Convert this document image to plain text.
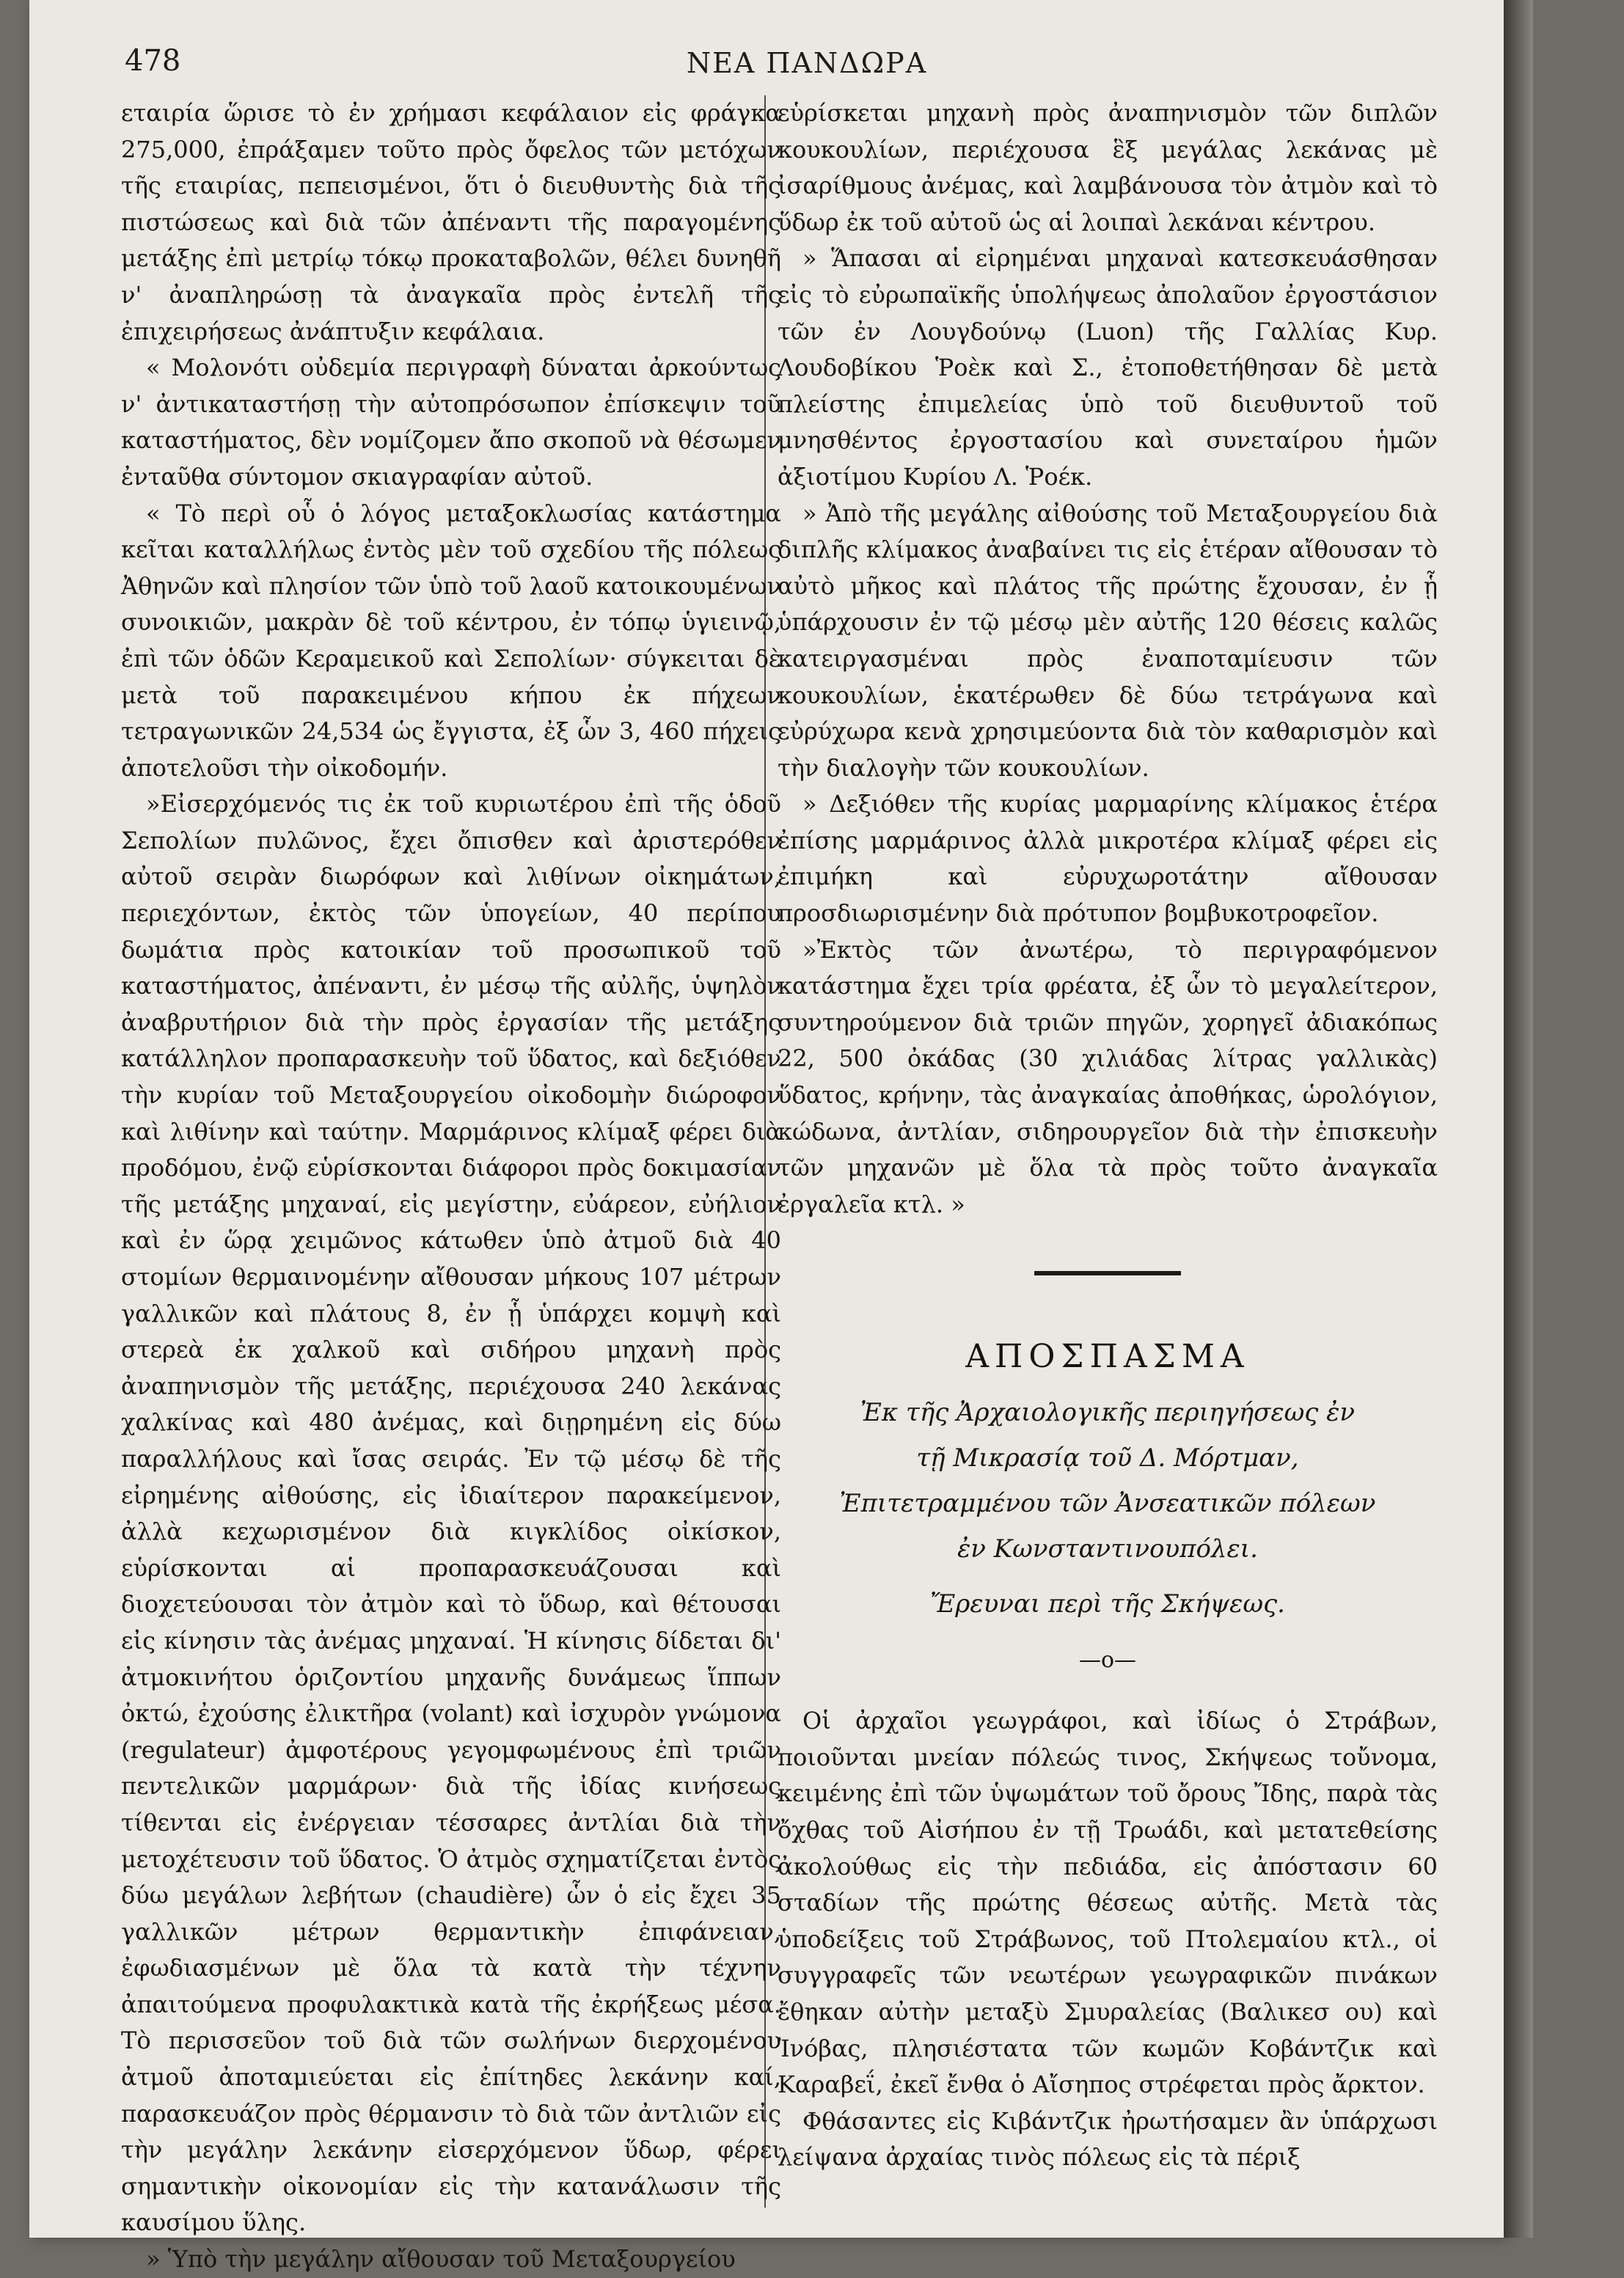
478	ΝΕΑ ΠΑΝΔΩΡΑ

εταιρία ὥρισε τὸ ἐν χρήμασι κεφάλαιον εἰς φράγκα 275,000, ἐπράξαμεν τοῦτο πρὸς ὄφελος τῶν μετόχων τῆς εταιρίας, πεπεισμένοι, ὅτι ὁ διευθυντὴς διὰ τῆς πιστώσεως καὶ διὰ τῶν ἀπέναντι τῆς παραγομένης μετάξης ἐπὶ μετρίῳ τόκῳ προκαταβολῶν, θέλει δυνηθῆ ν' ἀναπληρώσῃ τὰ ἀναγκαῖα πρὸς ἐντελῆ τῆς ἐπιχειρήσεως ἀνάπτυξιν κεφάλαια.

« Μολονότι οὐδεμία περιγραφὴ δύναται ἀρκούντως ν' ἀντικαταστήσῃ τὴν αὐτοπρόσωπον ἐπίσκεψιν τοῦ καταστήματος, δὲν νομίζομεν ἄπο σκοποῦ νὰ θέσωμεν ἐνταῦθα σύντομον σκιαγραφίαν αὐτοῦ.

« Τὸ περὶ οὗ ὁ λόγος μεταξοκλωσίας κατάστημα κεῖται καταλλήλως ἐντὸς μὲν τοῦ σχεδίου τῆς πόλεως Ἀθηνῶν καὶ πλησίον τῶν ὑπὸ τοῦ λαοῦ κατοικουμένων συνοικιῶν, μακρὰν δὲ τοῦ κέντρου, ἐν τόπῳ ὑγιεινῷ, ἐπὶ τῶν ὁδῶν Κεραμεικοῦ καὶ Σεπολίων· σύγκειται δὲ μετὰ τοῦ παρακειμένου κήπου ἐκ πήχεων τετραγωνικῶν 24,534 ὡς ἔγγιστα, ἐξ ὧν 3, 460 πήχεις ἀποτελοῦσι τὴν οἰκοδομήν.

»Εἰσερχόμενός τις ἐκ τοῦ κυριωτέρου ἐπὶ τῆς ὁδοῦ Σεπολίων πυλῶνος, ἔχει ὄπισθεν καὶ ἀριστερόθεν αὐτοῦ σειρὰν διωρόφων καὶ λιθίνων οἰκημάτων, περιεχόντων, ἐκτὸς τῶν ὑπογείων, 40 περίπου δωμάτια πρὸς κατοικίαν τοῦ προσωπικοῦ τοῦ καταστήματος, ἀπέναντι, ἐν μέσῳ τῆς αὐλῆς, ὑψηλὸν ἀναβρυτήριον διὰ τὴν πρὸς ἐργασίαν τῆς μετάξης κατάλληλον προπαρασκευὴν τοῦ ὕδατος, καὶ δεξιόθεν τὴν κυρίαν τοῦ Μεταξουργείου οἰκοδομὴν διώροφον καὶ λιθίνην καὶ ταύτην. Μαρμάρινος κλίμαξ φέρει διὰ προδόμου, ἐνῷ εὑρίσκονται διάφοροι πρὸς δοκιμασίαν τῆς μετάξης μηχαναί, εἰς μεγίστην, εὐάρεον, εὐήλιον καὶ ἐν ὥρᾳ χειμῶνος κάτωθεν ὑπὸ ἀτμοῦ διὰ 40 στομίων θερμαινομένην αἴθουσαν μήκους 107 μέτρων γαλλικῶν καὶ πλάτους 8, ἐν ᾗ ὑπάρχει κομψὴ καὶ στερεὰ ἐκ χαλκοῦ καὶ σιδήρου μηχανὴ πρὸς ἀναπηνισμὸν τῆς μετάξης, περιέχουσα 240 λεκάνας χαλκίνας καὶ 480 ἀνέμας, καὶ διῃρημένη εἰς δύω παραλλήλους καὶ ἴσας σειράς. Ἐν τῷ μέσῳ δὲ τῆς εἰρημένης αἰθούσης, εἰς ἰδιαίτερον παρακείμενον, ἀλλὰ κεχωρισμένον διὰ κιγκλίδος οἰκίσκον, εὑρίσκονται αἱ προπαρασκευάζουσαι καὶ διοχετεύουσαι τὸν ἀτμὸν καὶ τὸ ὕδωρ, καὶ θέτουσαι εἰς κίνησιν τὰς ἀνέμας μηχαναί. Ἡ κίνησις δίδεται δι' ἀτμοκινήτου ὁριζοντίου μηχανῆς δυνάμεως ἵππων ὀκτώ, ἐχούσης ἐλικτῆρα (volant) καὶ ἰσχυρὸν γνώμονα (regulateur) ἀμφοτέρους γεγομφωμένους ἐπὶ τριῶν πεντελικῶν μαρμάρων· διὰ τῆς ἰδίας κινήσεως τίθενται εἰς ἐνέργειαν τέσσαρες ἀντλίαι διὰ τὴν μετοχέτευσιν τοῦ ὕδατος. Ὁ ἀτμὸς σχηματίζεται ἐντὸς δύω μεγάλων λεβήτων (chaudière) ὧν ὁ εἰς ἔχει 35 γαλλικῶν μέτρων θερμαντικὴν ἐπιφάνειαν, ἐφωδιασμένων μὲ ὅλα τὰ κατὰ τὴν τέχνην ἀπαιτούμενα προφυλακτικὰ κατὰ τῆς ἐκρήξεως μέσα. Τὸ περισσεῦον τοῦ διὰ τῶν σωλήνων διερχομένου ἀτμοῦ ἀποταμιεύεται εἰς ἐπίτηδες λεκάνην καί, παρασκευάζον πρὸς θέρμανσιν τὸ διὰ τῶν ἀντλιῶν εἰς τὴν μεγάλην λεκάνην εἰσερχόμενον ὕδωρ, φέρει σημαντικὴν οἰκονομίαν εἰς τὴν κατανάλωσιν τῆς καυσίμου ὕλης.

» Ὑπὸ τὴν μεγάλην αἴθουσαν τοῦ Μεταξουργείου

εὑρίσκεται μηχανὴ πρὸς ἀναπηνισμὸν τῶν διπλῶν κουκουλίων, περιέχουσα ἓξ μεγάλας λεκάνας μὲ ἰσαρίθμους ἀνέμας, καὶ λαμβάνουσα τὸν ἀτμὸν καὶ τὸ ὕδωρ ἐκ τοῦ αὐτοῦ ὡς αἱ λοιπαὶ λεκάναι κέντρου.

» Ἅπασαι αἱ εἰρημέναι μηχαναὶ κατεσκευάσθησαν εἰς τὸ εὐρωπαϊκῆς ὑπολήψεως ἀπολαῦον ἐργοστάσιον τῶν ἐν Λουγδούνῳ (Luon) τῆς Γαλλίας Κυρ. Λουδοβίκου Ῥοὲκ καὶ Σ., ἐτοποθετήθησαν δὲ μετὰ πλείστης ἐπιμελείας ὑπὸ τοῦ διευθυντοῦ τοῦ μνησθέντος ἐργοστασίου καὶ συνεταίρου ἡμῶν ἀξιοτίμου Κυρίου Λ. Ῥοέκ.

» Ἀπὸ τῆς μεγάλης αἰθούσης τοῦ Μεταξουργείου διὰ διπλῆς κλίμακος ἀναβαίνει τις εἰς ἑτέραν αἴθουσαν τὸ αὐτὸ μῆκος καὶ πλάτος τῆς πρώτης ἔχουσαν, ἐν ᾗ ὑπάρχουσιν ἐν τῷ μέσῳ μὲν αὐτῆς 120 θέσεις καλῶς κατειργασμέναι πρὸς ἐναποταμίευσιν τῶν κουκουλίων, ἑκατέρωθεν δὲ δύω τετράγωνα καὶ εὐρύχωρα κενὰ χρησιμεύοντα διὰ τὸν καθαρισμὸν καὶ τὴν διαλογὴν τῶν κουκουλίων.

» Δεξιόθεν τῆς κυρίας μαρμαρίνης κλίμακος ἑτέρα ἐπίσης μαρμάρινος ἀλλὰ μικροτέρα κλίμαξ φέρει εἰς ἐπιμήκη καὶ εὐρυχωροτάτην αἴθουσαν προσδιωρισμένην διὰ πρότυπον βομβυκοτροφεῖον.

»Ἐκτὸς τῶν ἀνωτέρω, τὸ περιγραφόμενον κατάστημα ἔχει τρία φρέατα, ἐξ ὧν τὸ μεγαλείτερον, συντηρούμενον διὰ τριῶν πηγῶν, χορηγεῖ ἀδιακόπως 22, 500 ὀκάδας (30 χιλιάδας λίτρας γαλλικὰς) ὕδατος, κρήνην, τὰς ἀναγκαίας ἀποθήκας, ὡρολόγιον, κώδωνα, ἀντλίαν, σιδηρουργεῖον διὰ τὴν ἐπισκευὴν τῶν μηχανῶν μὲ ὅλα τὰ πρὸς τοῦτο ἀναγκαῖα ἐργαλεῖα κτλ. »

ΑΠΟΣΠΑΣΜΑ
Ἐκ τῆς Ἀρχαιολογικῆς περιηγήσεως ἐν
τῇ Μικρασίᾳ τοῦ Δ. Μόρτμαν,
Ἐπιτετραμμένου τῶν Ἀνσεατικῶν πόλεων
ἐν Κωνσταντινουπόλει.
Ἔρευναι περὶ τῆς Σκήψεως.
—o—

Οἱ ἀρχαῖοι γεωγράφοι, καὶ ἰδίως ὁ Στράβων, ποιοῦνται μνείαν πόλεώς τινος, Σκήψεως τοὔνομα, κειμένης ἐπὶ τῶν ὑψωμάτων τοῦ ὄρους Ἴδης, παρὰ τὰς ὄχθας τοῦ Αἰσήπου ἐν τῇ Τρωάδι, καὶ μετατεθείσης ἀκολούθως εἰς τὴν πεδιάδα, εἰς ἀπόστασιν 60 σταδίων τῆς πρώτης θέσεως αὐτῆς. Μετὰ τὰς ὑποδείξεις τοῦ Στράβωνος, τοῦ Πτολεμαίου κτλ., οἱ συγγραφεῖς τῶν νεωτέρων γεωγραφικῶν πινάκων ἔθηκαν αὐτὴν μεταξὺ Σμυραλείας (Βαλικεσ ου) καὶ Ἰνόβας, πλησιέστατα τῶν κωμῶν Κοβάντζικ καὶ Καραβεΐ, ἐκεῖ ἔνθα ὁ Αἴσηπος στρέφεται πρὸς ἄρκτον.

Φθάσαντες εἰς Κιβάντζικ ἠρωτήσαμεν ἂν ὑπάρχωσι λείψανα ἀρχαίας τινὸς πόλεως εἰς τὰ πέριξ
